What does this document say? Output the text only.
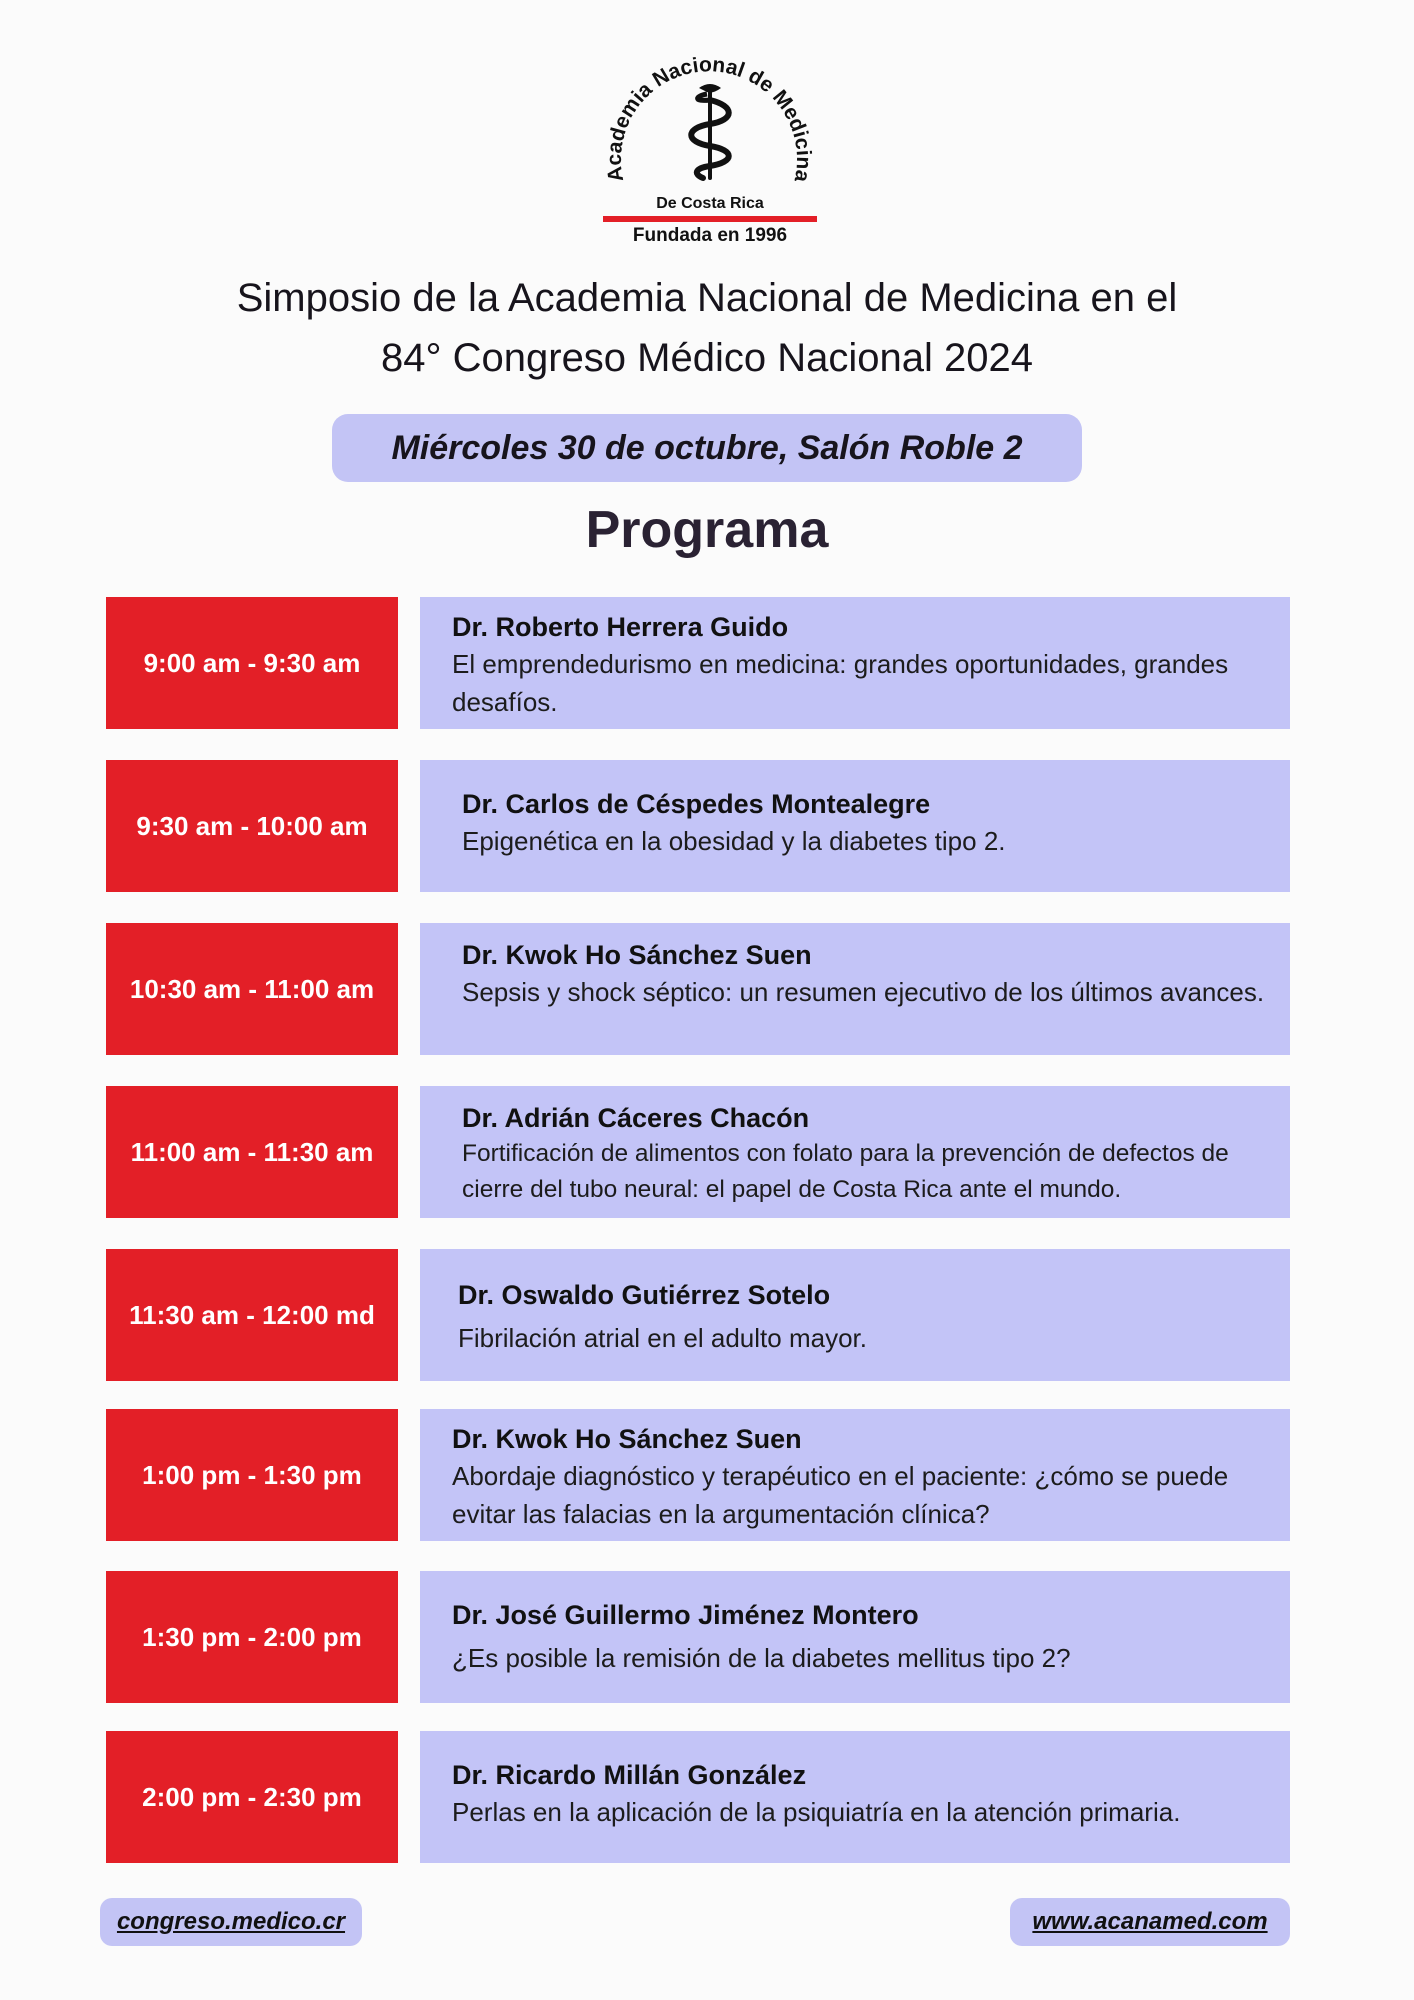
Academia Nacional de Medicina
De Costa Rica
Fundada en 1996
Simposio de la Academia Nacional de Medicina en el
84° Congreso Médico Nacional 2024
Miércoles 30 de octubre, Salón Roble 2
Programa
9:00 am - 9:30 am
Dr. Roberto Herrera Guido
El emprendedurismo en medicina: grandes oportunidades, grandes desafíos.
9:30 am - 10:00 am
Dr. Carlos de Céspedes Montealegre
Epigenética en la obesidad y la diabetes tipo 2.
10:30 am - 11:00 am
Dr. Kwok Ho Sánchez Suen
Sepsis y shock séptico: un resumen ejecutivo de los últimos avances.
11:00 am - 11:30 am
Dr. Adrián Cáceres Chacón
Fortificación de alimentos con folato para la prevención de defectos de cierre del tubo neural: el papel de Costa Rica ante el mundo.
11:30 am - 12:00 md
Dr. Oswaldo Gutiérrez Sotelo
Fibrilación atrial en el adulto mayor.
1:00 pm - 1:30 pm
Dr. Kwok Ho Sánchez Suen
Abordaje diagnóstico y terapéutico en el paciente: ¿cómo se puede evitar las falacias en la argumentación clínica?
1:30 pm - 2:00 pm
Dr. José Guillermo Jiménez Montero
¿Es posible la remisión de la diabetes mellitus tipo 2?
2:00 pm - 2:30 pm
Dr. Ricardo Millán González
Perlas en la aplicación de la psiquiatría en la atención primaria.
congreso.medico.cr	www.acanamed.com
